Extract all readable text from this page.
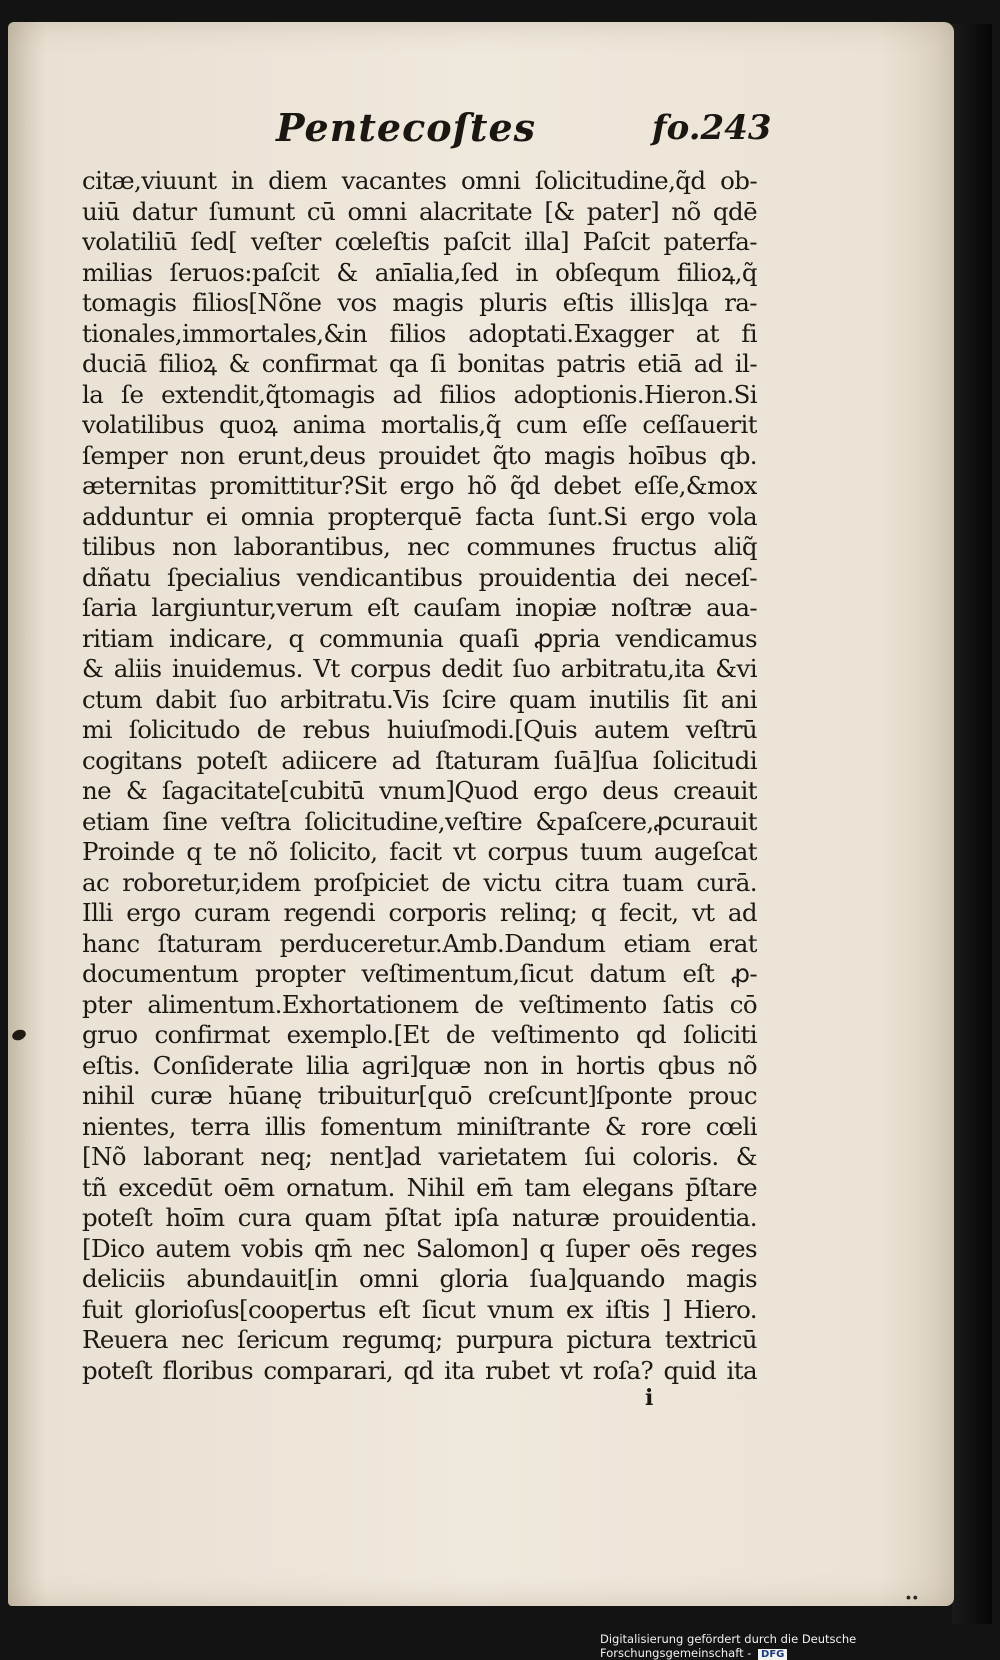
Pentecoſtes	fo.243
citæ,viuunt in diem vacantes omni ſolicitudine,q̃d ob-
uiū datur ſumunt cū omni alacritate [& pater] nõ qdē
volatiliū ſed[ veſter cœleſtis paſcit illa] Paſcit paterfa-
milias ſeruos:paſcit & anīalia,ſed in obſequm filioꝝ,q̃
tomagis filios[Nõne vos magis pluris eſtis illis]qa ra-
tionales,immortales,&in filios adoptati.Exagger at fi
duciā filioꝝ & confirmat qa ſi bonitas patris etiā ad il-
la ſe extendit,q̃tomagis ad filios adoptionis.Hieron.Si
volatilibus quoꝝ anima mortalis,q̃ cum eſſe ceſſauerit
ſemper non erunt,deus prouidet q̃to magis hoībus qb.
æternitas promittitur?Sit ergo hõ q̃d debet eſſe,&mox
adduntur ei omnia propterquē facta ſunt.Si ergo vola
tilibus non laborantibus, nec communes fructus aliq̃
dñatu ſpecialius vendicantibus prouidentia dei neceſ-
ſaria largiuntur,verum eſt cauſam inopiæ noſtræ aua-
ritiam indicare, q communia quaſi ꝓpria vendicamus
& aliis inuidemus. Vt corpus dedit ſuo arbitratu,ita &vi
ctum dabit ſuo arbitratu.Vis ſcire quam inutilis ſit ani
mi ſolicitudo de rebus huiuſmodi.[Quis autem veſtrū
cogitans poteſt adiicere ad ſtaturam ſuā]ſua ſolicitudi
ne & ſagacitate[cubitū vnum]Quod ergo deus creauit
etiam ſine veſtra ſolicitudine,veſtire &paſcere,ꝓcurauit
Proinde q te nõ ſolicito, facit vt corpus tuum augeſcat
ac roboretur,idem proſpiciet de victu citra tuam curā.
Illi ergo curam regendi corporis relinq; q fecit, vt ad
hanc ſtaturam perduceretur.Amb.Dandum etiam erat
documentum propter veſtimentum,ſicut datum eſt ꝓ-
pter alimentum.Exhortationem de veſtimento ſatis cō
gruo confirmat exemplo.[Et de veſtimento qd ſoliciti
eſtis. Conſiderate lilia agri]quæ non in hortis qbus nõ
nihil curæ hūanę tribuitur[quō creſcunt]ſponte prouc
nientes, terra illis fomentum miniſtrante & rore cœli
[Nõ laborant neq; nent]ad varietatem ſui coloris. &
tñ excedūt oēm ornatum. Nihil em̄ tam elegans p̄ſtare
poteſt hoīm cura quam p̄ſtat ipſa naturæ prouidentia.
[Dico autem vobis qm̄ nec Salomon] q ſuper oēs reges
deliciis abundauit[in omni gloria ſua]quando magis
fuit glorioſus[coopertus eſt ſicut vnum ex iſtis ] Hiero.
Reuera nec ſericum regumq; purpura pictura textricū
poteſt floribus comparari, qd ita rubet vt roſa? quid ita
i
∙∙
Digitalisierung gefördert durch die Deutsche Forschungsgemeinschaft - DFG
